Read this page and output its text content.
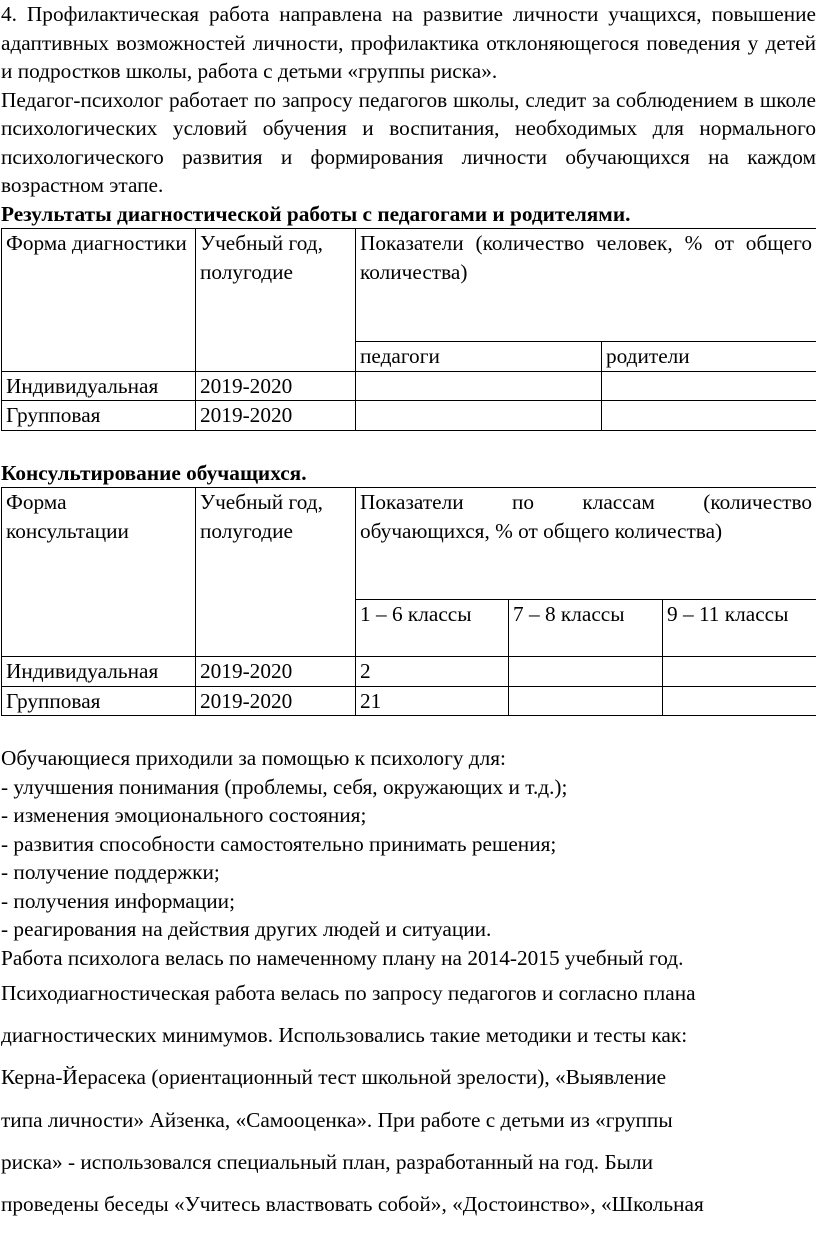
4. Профилактическая работа направлена на развитие личности учащихся, повышение адаптивных возможностей личности, профилактика отклоняющегося поведения у детей и подростков школы, работа с детьми «группы риска».

Педагог-психолог работает по запросу педагогов школы, следит за соблюдением в школе психологических условий обучения и воспитания, необходимых для нормального психологического развития и формирования личности обучающихся на каждом возрастном этапе.

Результаты диагностической работы с педагогами и родителями.

Форма диагностики	Учебный год, полугодие	Показатели (количество человек, % от общего количества)	
		педагоги	родители
Индивидуальная	2019-2020		
Групповая	2019-2020		

Консультирование обучащихся.

Форма консультации	Учебный год, полугодие	Показатели по классам (количество обучающихся, % от общего количества)		
		1 – 6 классы	7 – 8 классы	9 – 11 классы
Индивидуальная	2019-2020	2		
Групповая	2019-2020	21		
Обучающиеся приходили за помощью к психологу для:
- улучшения понимания (проблемы, себя, окружающих и т.д.);
- изменения эмоционального состояния;
- развития способности самостоятельно принимать решения;
- получение поддержки;
- получения информации;
- реагирования на действия других людей и ситуации.
Работа психолога велась по намеченному плану на 2014-2015 учебный год.
Психодиагностическая работа велась по запросу педагогов и согласно плана
диагностических минимумов. Использовались такие методики и тесты как:
Керна-Йерасека (ориентационный тест школьной зрелости), «Выявление
типа личности» Айзенка, «Самооценка». При работе с детьми из «группы
риска» - использовался специальный план, разработанный на год. Были
проведены беседы «Учитесь властвовать собой», «Достоинство», «Школьная
